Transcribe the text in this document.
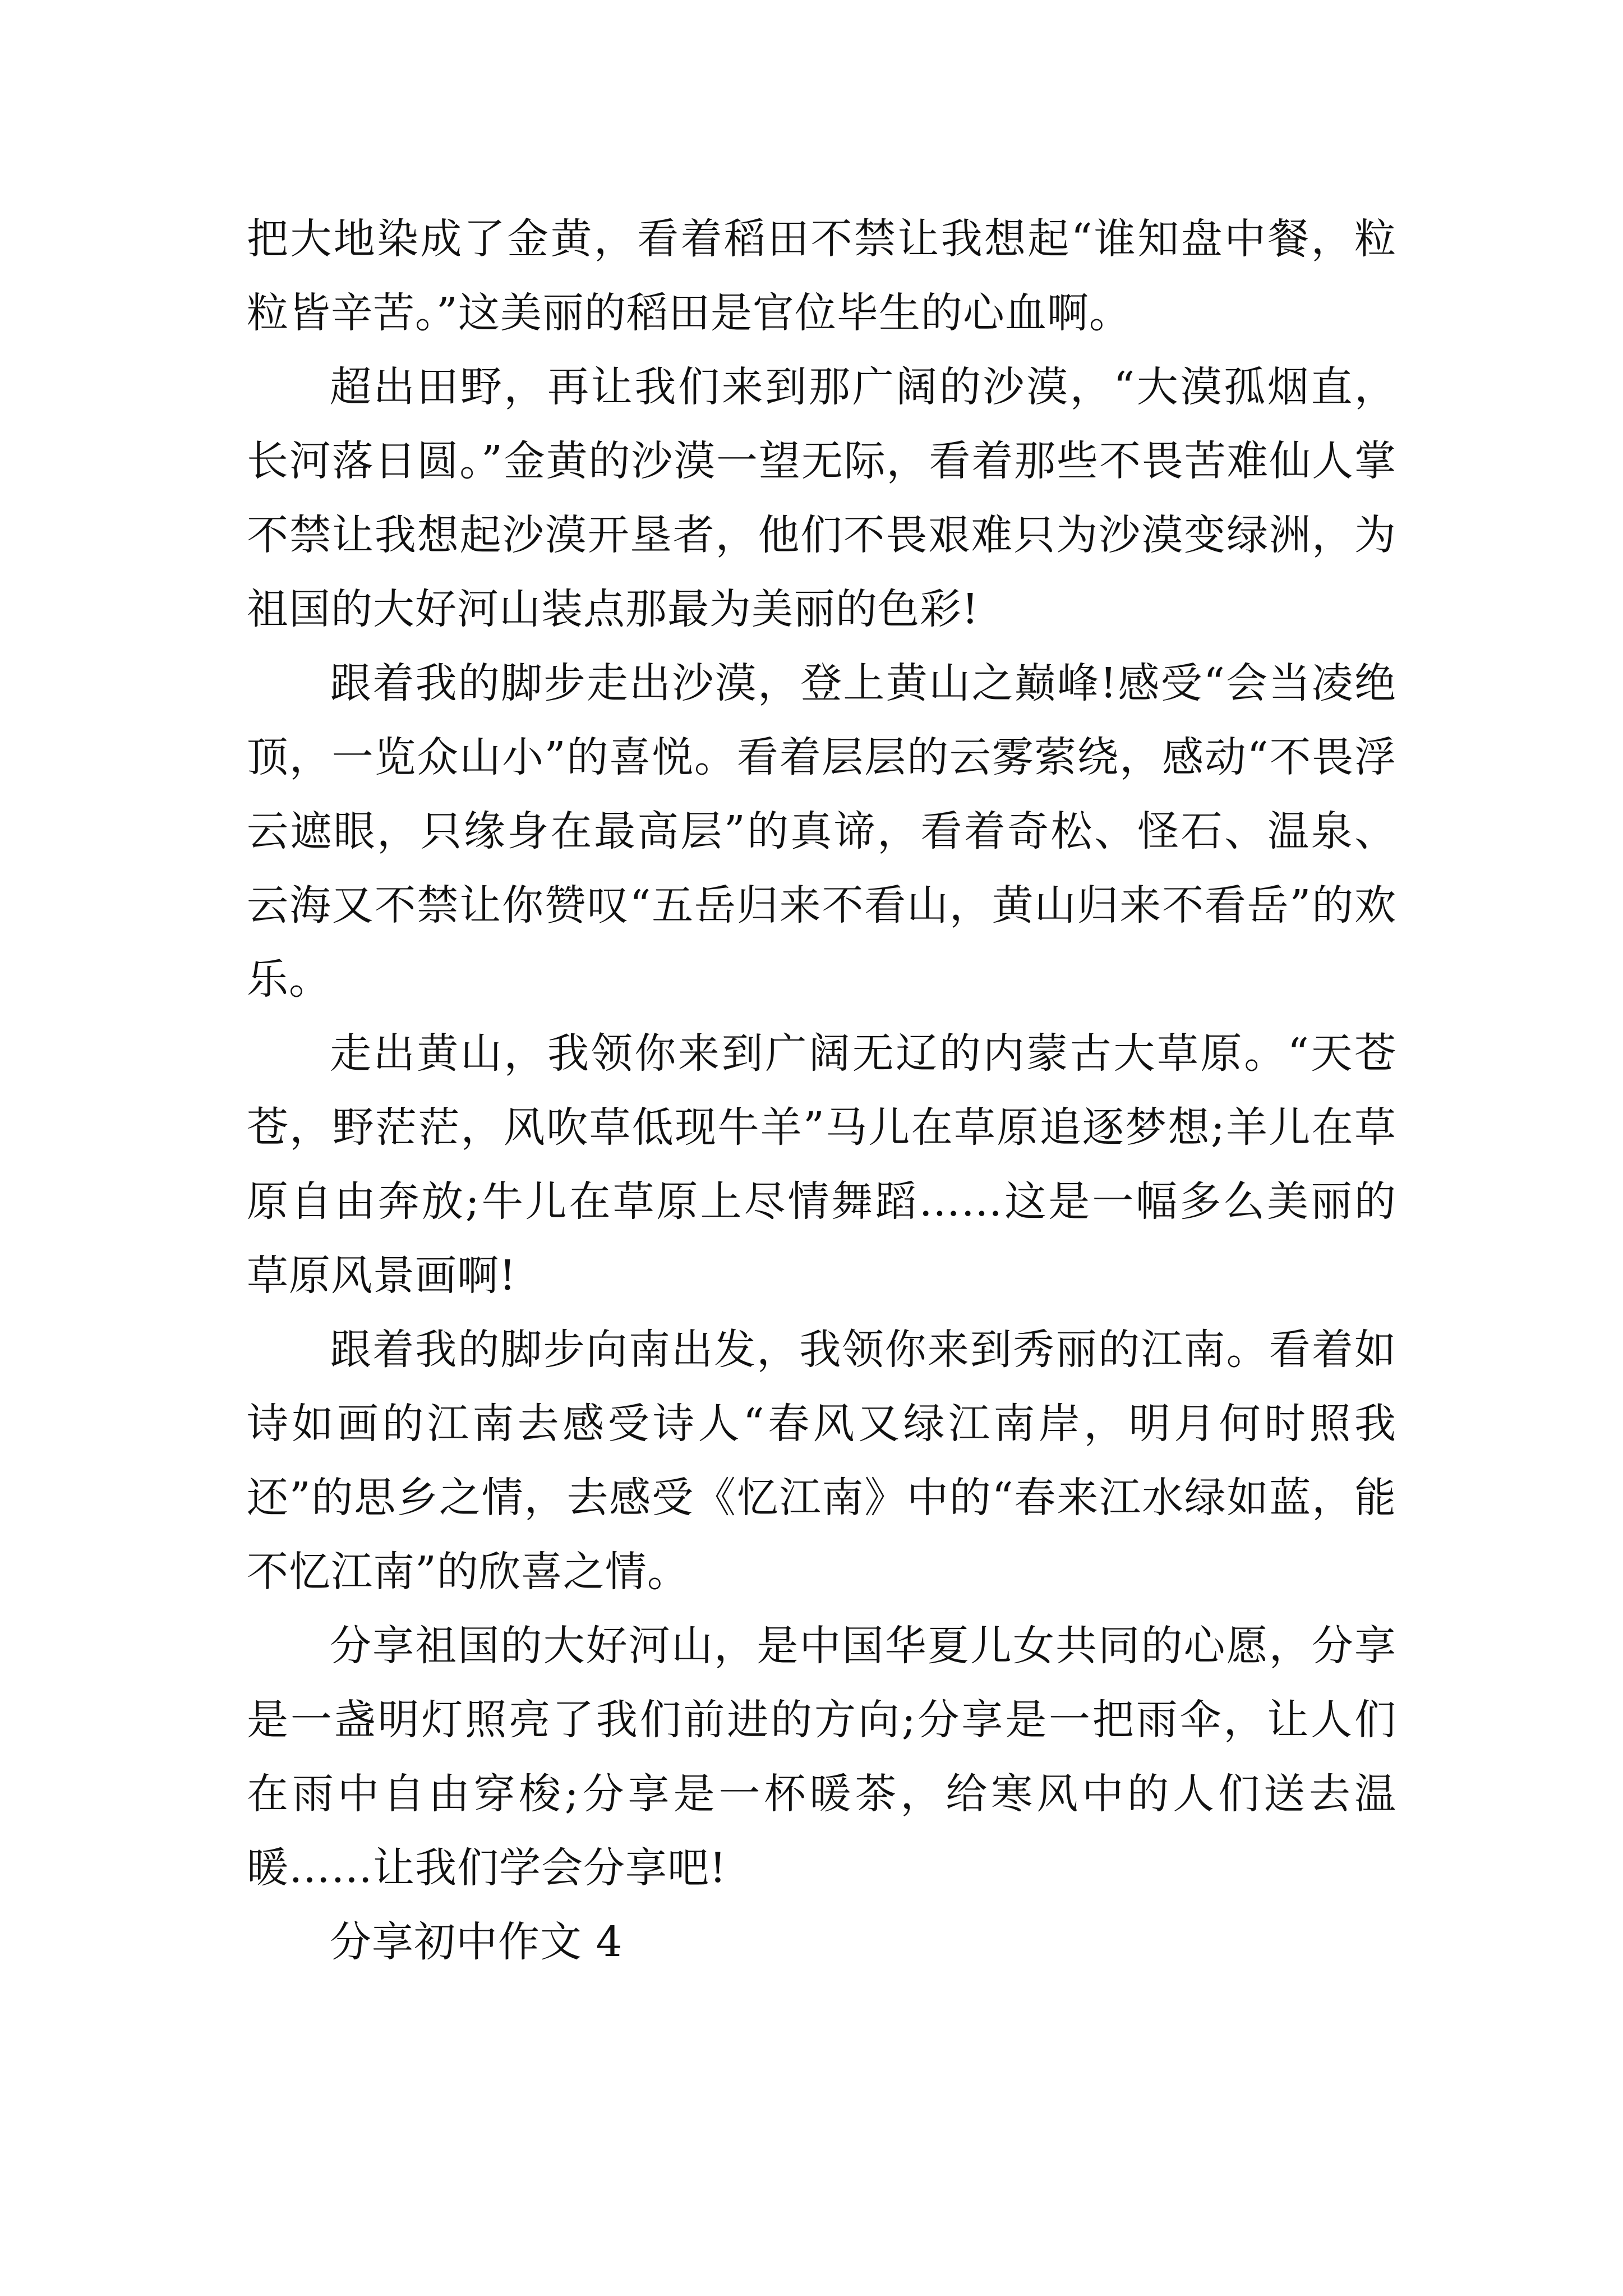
把大地染成了金黄，看着稻田不禁让我想起“谁知盘中餐，粒粒皆辛苦。”这美丽的稻田是官位毕生的心血啊。

超出田野，再让我们来到那广阔的沙漠，“大漠孤烟直，长河落日圆。”金黄的沙漠一望无际，看着那些不畏苦难仙人掌不禁让我想起沙漠开垦者，他们不畏艰难只为沙漠变绿洲，为祖国的大好河山装点那最为美丽的色彩!

跟着我的脚步走出沙漠，登上黄山之巅峰!感受“会当凌绝顶，一览众山小”的喜悦。看着层层的云雾萦绕，感动“不畏浮云遮眼，只缘身在最高层”的真谛，看着奇松、怪石、温泉、云海又不禁让你赞叹“五岳归来不看山，黄山归来不看岳”的欢乐。

走出黄山，我领你来到广阔无辽的内蒙古大草原。“天苍苍，野茫茫，风吹草低现牛羊”马儿在草原追逐梦想;羊儿在草原自由奔放;牛儿在草原上尽情舞蹈……这是一幅多么美丽的草原风景画啊!

跟着我的脚步向南出发，我领你来到秀丽的江南。看着如诗如画的江南去感受诗人“春风又绿江南岸，明月何时照我还”的思乡之情，去感受《忆江南》中的“春来江水绿如蓝，能不忆江南”的欣喜之情。

分享祖国的大好河山，是中国华夏儿女共同的心愿，分享是一盏明灯照亮了我们前进的方向;分享是一把雨伞，让人们在雨中自由穿梭;分享是一杯暖茶，给寒风中的人们送去温暖……让我们学会分享吧!

分享初中作文 4
